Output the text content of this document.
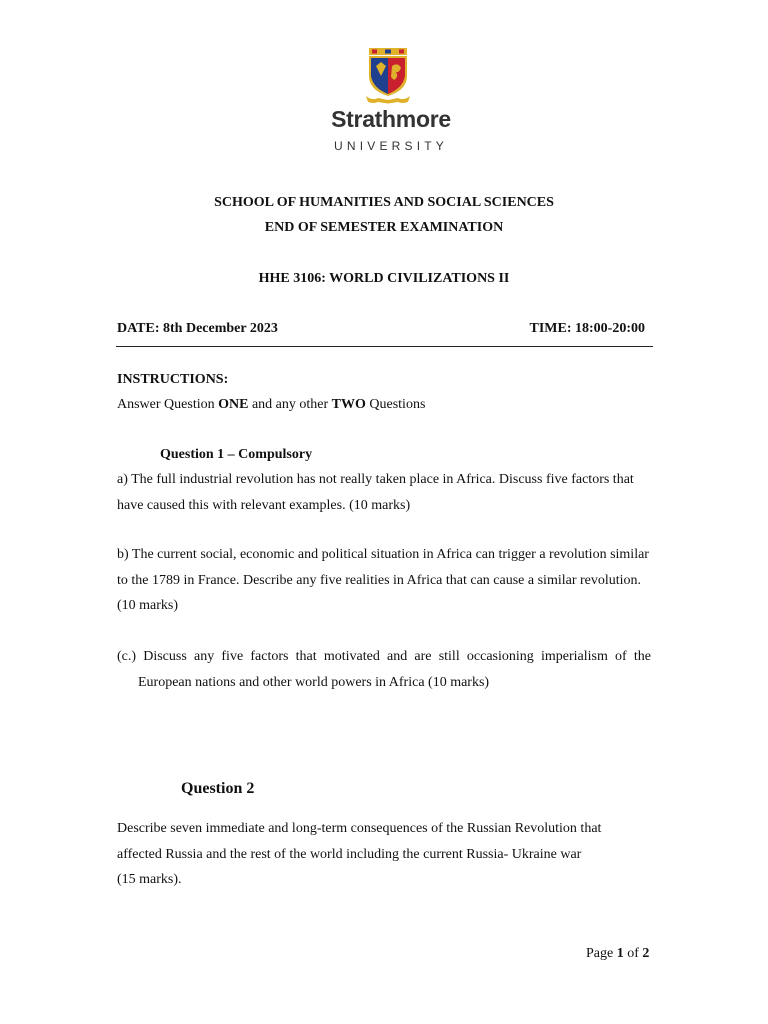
Strathmore
UNIVERSITY
SCHOOL OF HUMANITIES AND SOCIAL SCIENCES
END OF SEMESTER EXAMINATION
HHE 3106: WORLD CIVILIZATIONS II
DATE: 8th December 2023	TIME: 18:00-20:00
INSTRUCTIONS:
Answer Question ONE and any other TWO Questions
Question 1 – Compulsory
a) The full industrial revolution has not really taken place in Africa. Discuss five factors that
have caused this with relevant examples. (10 marks)
b) The current social, economic and political situation in Africa can trigger a revolution similar
to the 1789 in France. Describe any five realities in Africa that can cause a similar revolution.
(10 marks)
(c.) Discuss any five factors that motivated and are still occasioning imperialism of the
European nations and other world powers in Africa (10 marks)
Question 2
Describe seven immediate and long-term consequences of the Russian Revolution that
affected Russia and the rest of the world including the current Russia- Ukraine war
(15 marks).
Page 1 of 2
